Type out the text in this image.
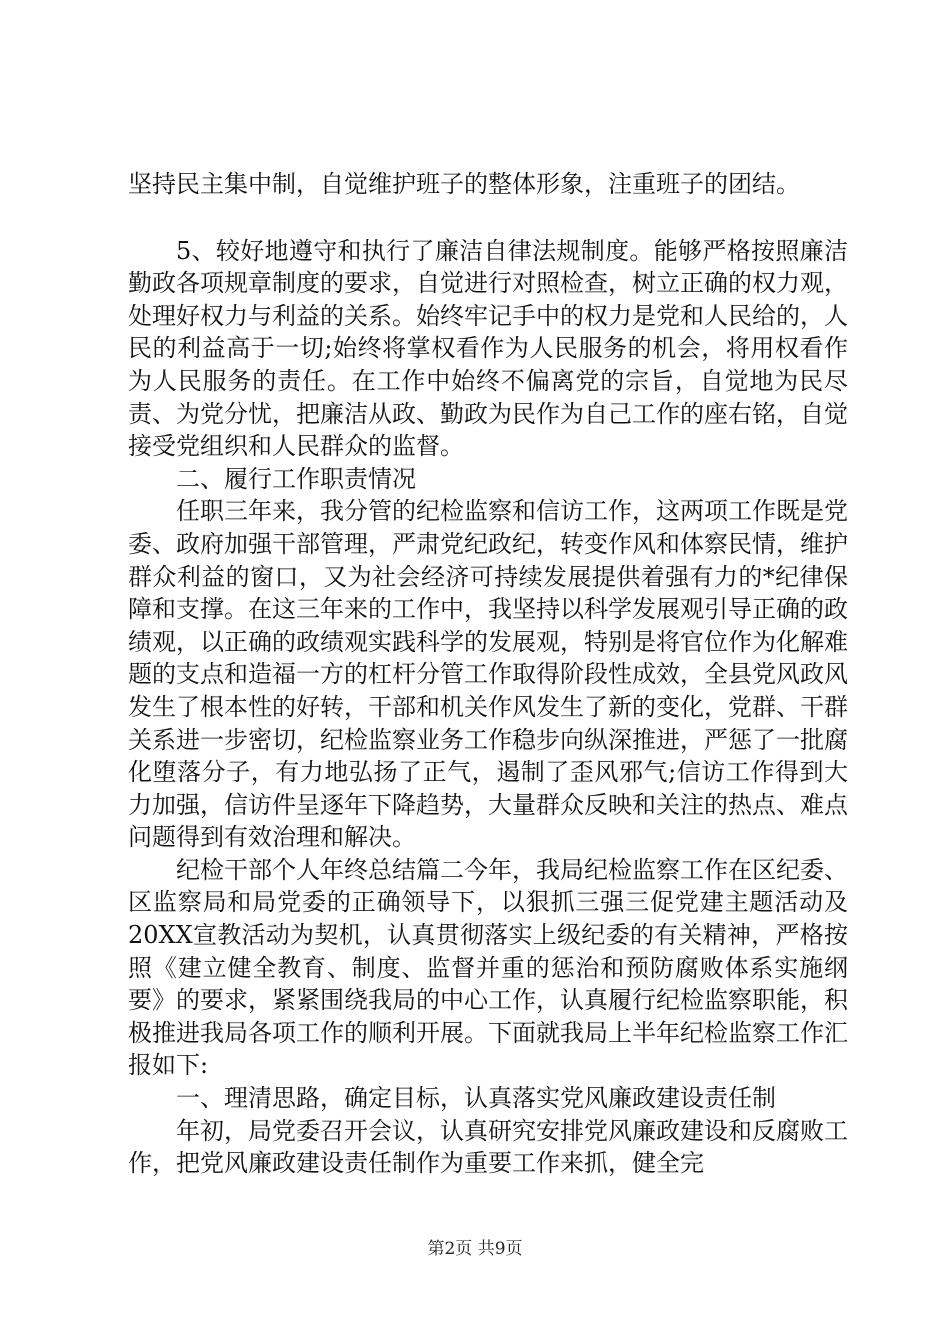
坚持民主集中制，自觉维护班子的整体形象，注重班子的团结。

5、较好地遵守和执行了廉洁自律法规制度。能够严格按照廉洁勤政各项规章制度的要求，自觉进行对照检查，树立正确的权力观，处理好权力与利益的关系。始终牢记手中的权力是党和人民给的，人民的利益高于一切;始终将掌权看作为人民服务的机会，将用权看作为人民服务的责任。在工作中始终不偏离党的宗旨，自觉地为民尽责、为党分忧，把廉洁从政、勤政为民作为自己工作的座右铭，自觉接受党组织和人民群众的监督。

二、履行工作职责情况

任职三年来，我分管的纪检监察和信访工作，这两项工作既是党委、政府加强干部管理，严肃党纪政纪，转变作风和体察民情，维护群众利益的窗口，又为社会经济可持续发展提供着强有力的*纪律保障和支撑。在这三年来的工作中，我坚持以科学发展观引导正确的政绩观，以正确的政绩观实践科学的发展观，特别是将官位作为化解难题的支点和造福一方的杠杆分管工作取得阶段性成效，全县党风政风发生了根本性的好转，干部和机关作风发生了新的变化，党群、干群关系进一步密切，纪检监察业务工作稳步向纵深推进，严惩了一批腐化堕落分子，有力地弘扬了正气，遏制了歪风邪气;信访工作得到大力加强，信访件呈逐年下降趋势，大量群众反映和关注的热点、难点问题得到有效治理和解决。

纪检干部个人年终总结篇二今年，我局纪检监察工作在区纪委、区监察局和局党委的正确领导下，以狠抓三强三促党建主题活动及20XX宣教活动为契机，认真贯彻落实上级纪委的有关精神，严格按照《建立健全教育、制度、监督并重的惩治和预防腐败体系实施纲要》的要求，紧紧围绕我局的中心工作，认真履行纪检监察职能，积极推进我局各项工作的顺利开展。下面就我局上半年纪检监察工作汇报如下:

一、理清思路，确定目标，认真落实党风廉政建设责任制

年初，局党委召开会议，认真研究安排党风廉政建设和反腐败工作，把党风廉政建设责任制作为重要工作来抓，健全完

第2页 共9页
